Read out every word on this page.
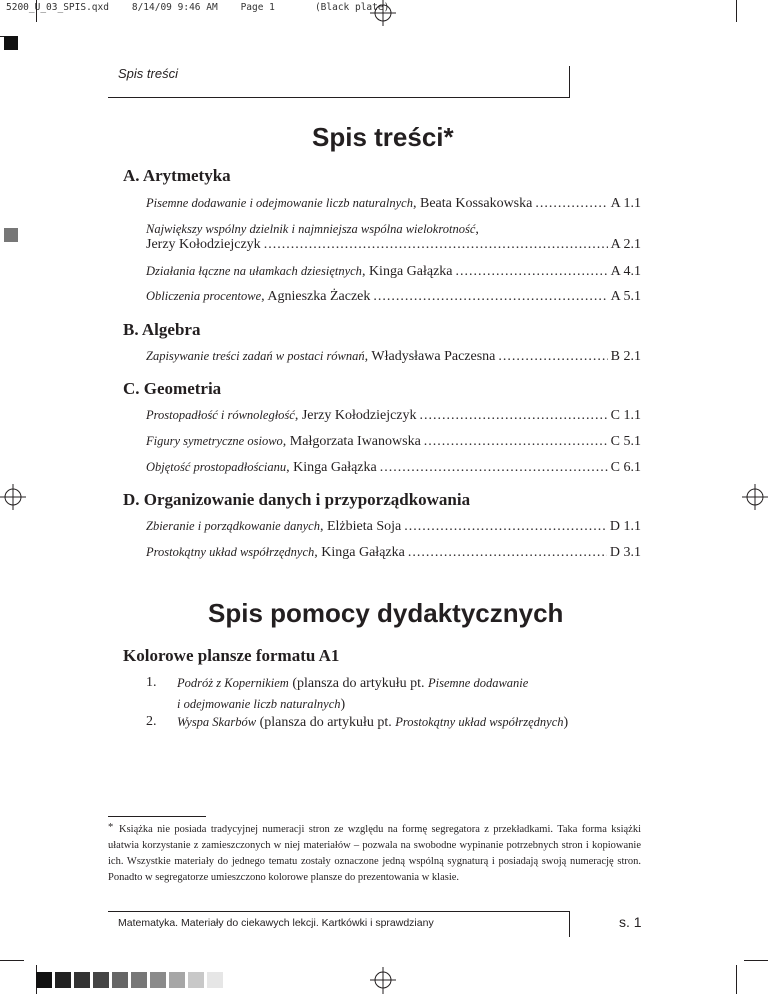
5200_U_03_SPIS.qxd 8/14/09 9:46 AM Page 1	(Black plate)
Spis treści
Spis treści*
A. Arytmetyka
Pisemne dodawanie i odejmowanie liczb naturalnych , Beata Kossakowska .....	A 1.1
Największy wspólny dzielnik i najmniejsza wspólna wielokrotność,
Jerzy Kołodziejczyk .....	A 2.1
Działania łączne na ułamkach dziesiętnych , Kinga Gałązka .....	A 4.1
Obliczenia procentowe , Agnieszka Żaczek .....	A 5.1
B. Algebra
Zapisywanie treści zadań w postaci równań , Władysława Paczesna .....	B 2.1
C. Geometria
Prostopadłość i równoległość , Jerzy Kołodziejczyk .....	C 1.1
Figury symetryczne osiowo , Małgorzata Iwanowska .....	C 5.1
Objętość prostopadłościanu , Kinga Gałązka .....	C 6.1
D. Organizowanie danych i przyporządkowania
Zbieranie i porządkowanie danych , Elżbieta Soja .....	D 1.1
Prostokątny układ współrzędnych , Kinga Gałązka .....	D 3.1
Spis pomocy dydaktycznych
Kolorowe plansze formatu A1
1. Podróż z Kopernikiem (plansza do artykułu pt. Pisemne dodawanie
i odejmowanie liczb naturalnych)
2. Wyspa Skarbów (plansza do artykułu pt. Prostokątny układ współrzędnych)
* Książka nie posiada tradycyjnej numeracji stron ze względu na formę segregatora z przekładkami. Taka forma książki ułatwia korzystanie z zamieszczonych w niej materiałów – pozwala na swobodne wypinanie potrzebnych stron i kopiowanie ich. Wszystkie materiały do jednego tematu zostały oznaczone jedną wspólną sygnaturą i posiadają swoją numerację stron. Ponadto w segregatorze umieszczono kolorowe plansze do prezentowania w klasie.
Matematyka. Materiały do ciekawych lekcji. Kartkówki i sprawdziany	s. 1
